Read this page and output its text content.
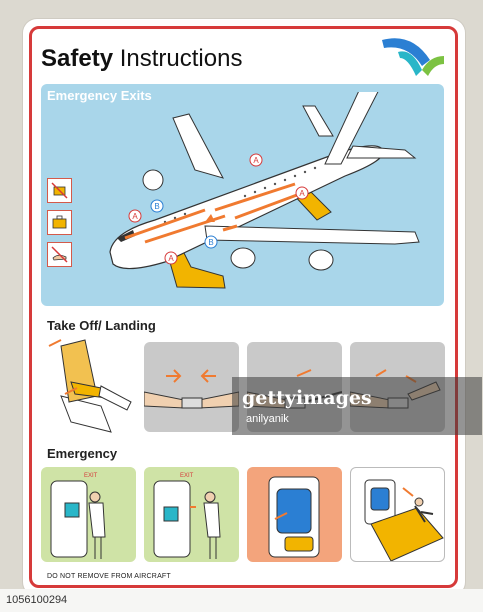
Safety Instructions
Emergency Exits
A
A
A
A
B
B
Take Off/ Landing
gettyimages
anilyanik
Emergency
EXIT	EXIT
DO NOT REMOVE FROM AIRCRAFT
1056100294
